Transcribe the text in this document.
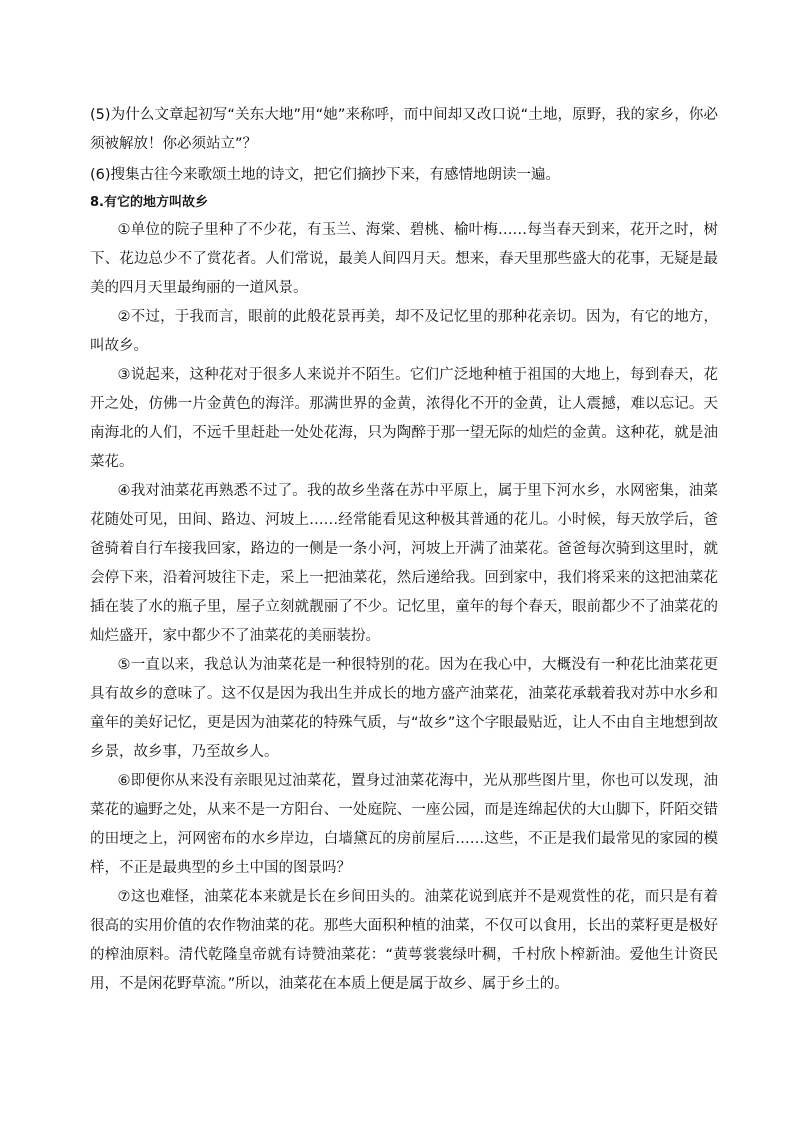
(5)为什么文章起初写“关东大地”用“她”来称呼，而中间却又改口说“土地，原野，我的家乡，你必须被解放！你必须站立”？

(6)搜集古往今来歌颂土地的诗文，把它们摘抄下来，有感情地朗读一遍。

8.有它的地方叫故乡

①单位的院子里种了不少花，有玉兰、海棠、碧桃、榆叶梅……每当春天到来，花开之时，树下、花边总少不了赏花者。人们常说，最美人间四月天。想来，春天里那些盛大的花事，无疑是最美的四月天里最绚丽的一道风景。

②不过，于我而言，眼前的此般花景再美，却不及记忆里的那种花亲切。因为，有它的地方，叫故乡。

③说起来，这种花对于很多人来说并不陌生。它们广泛地种植于祖国的大地上，每到春天，花开之处，仿佛一片金黄色的海洋。那满世界的金黄，浓得化不开的金黄，让人震撼，难以忘记。天南海北的人们，不远千里赶赴一处处花海，只为陶醉于那一望无际的灿烂的金黄。这种花，就是油菜花。

④我对油菜花再熟悉不过了。我的故乡坐落在苏中平原上，属于里下河水乡，水网密集，油菜花随处可见，田间、路边、河坡上……经常能看见这种极其普通的花儿。小时候，每天放学后，爸爸骑着自行车接我回家，路边的一侧是一条小河，河坡上开满了油菜花。爸爸每次骑到这里时，就会停下来，沿着河坡往下走，采上一把油菜花，然后递给我。回到家中，我们将采来的这把油菜花插在装了水的瓶子里，屋子立刻就靓丽了不少。记忆里，童年的每个春天，眼前都少不了油菜花的灿烂盛开，家中都少不了油菜花的美丽装扮。

⑤一直以来，我总认为油菜花是一种很特别的花。因为在我心中，大概没有一种花比油菜花更具有故乡的意味了。这不仅是因为我出生并成长的地方盛产油菜花，油菜花承载着我对苏中水乡和童年的美好记忆，更是因为油菜花的特殊气质，与“故乡”这个字眼最贴近，让人不由自主地想到故乡景，故乡事，乃至故乡人。

⑥即便你从来没有亲眼见过油菜花，置身过油菜花海中，光从那些图片里，你也可以发现，油菜花的遍野之处，从来不是一方阳台、一处庭院、一座公园，而是连绵起伏的大山脚下，阡陌交错的田埂之上，河网密布的水乡岸边，白墙黛瓦的房前屋后……这些，不正是我们最常见的家园的模样，不正是最典型的乡土中国的图景吗？

⑦这也难怪，油菜花本来就是长在乡间田头的。油菜花说到底并不是观赏性的花，而只是有着很高的实用价值的农作物油菜的花。那些大面积种植的油菜，不仅可以食用，长出的菜籽更是极好的榨油原料。清代乾隆皇帝就有诗赞油菜花：“黄萼裳裳绿叶稠，千村欣卜榨新油。爱他生计资民用，不是闲花野草流。”所以，油菜花在本质上便是属于故乡、属于乡土的。
